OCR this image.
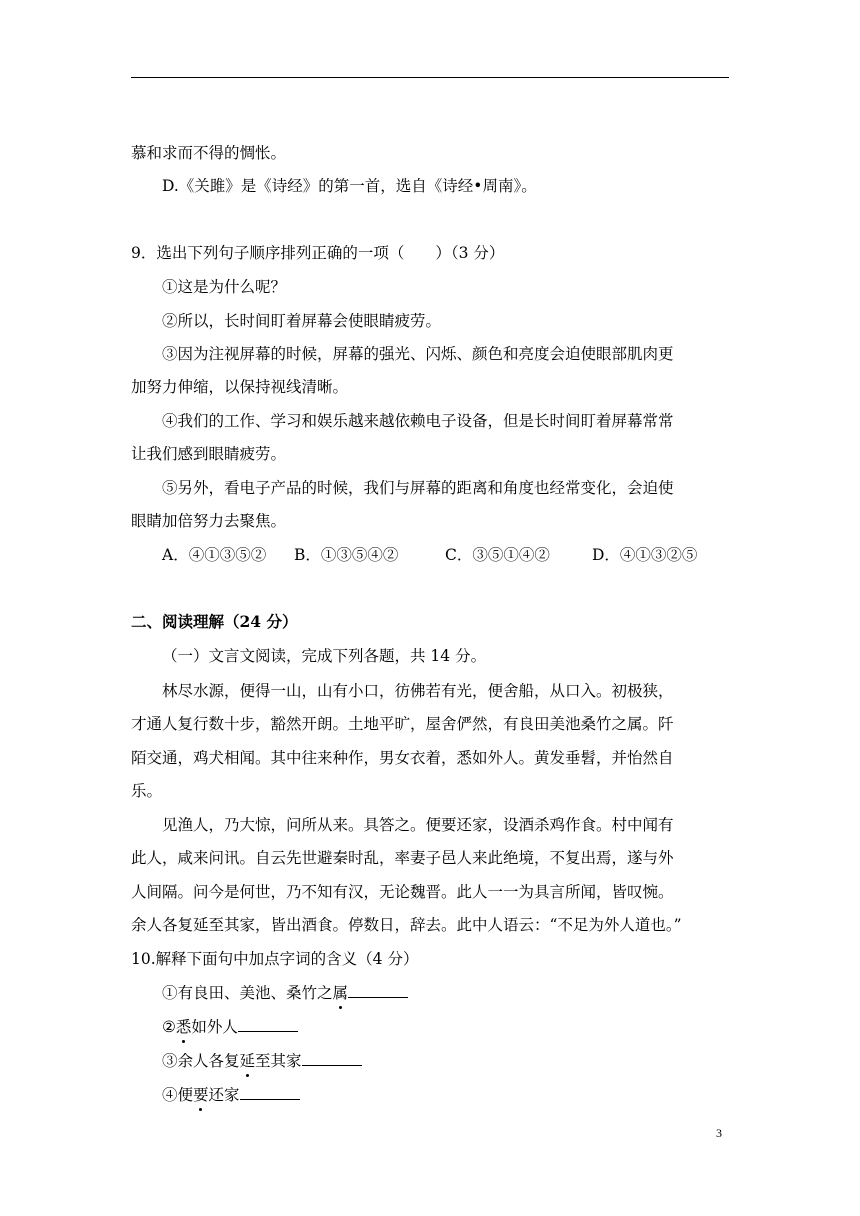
慕和求而不得的惆怅。
D.《关雎》是《诗经》的第一首，选自《诗经•周南》。
9．选出下列句子顺序排列正确的一项（　　）（3 分）
①这是为什么呢？
②所以，长时间盯着屏幕会使眼睛疲劳。
③因为注视屏幕的时候，屏幕的强光、闪烁、颜色和亮度会迫使眼部肌肉更
加努力伸缩，以保持视线清晰。
④我们的工作、学习和娱乐越来越依赖电子设备，但是长时间盯着屏幕常常
让我们感到眼睛疲劳。
⑤另外，看电子产品的时候，我们与屏幕的距离和角度也经常变化，会迫使
眼睛加倍努力去聚焦。
A．④①③⑤② B．①③⑤④②	C．③⑤①④②	D．④①③②⑤
二、阅读理解（24 分）
（一）文言文阅读，完成下列各题，共 14 分。
林尽水源，便得一山，山有小口，彷佛若有光，便舍船，从口入。初极狭，
才通人复行数十步，豁然开朗。土地平旷，屋舍俨然，有良田美池桑竹之属。阡
陌交通，鸡犬相闻。其中往来种作，男女衣着，悉如外人。黄发垂髫，并怡然自
乐。
见渔人，乃大惊，问所从来。具答之。便要还家，设酒杀鸡作食。村中闻有
此人，咸来问讯。自云先世避秦时乱，率妻子邑人来此绝境，不复出焉，遂与外
人间隔。问今是何世，乃不知有汉，无论魏晋。此人一一为具言所闻，皆叹惋。
余人各复延至其家，皆出酒食。停数日，辞去。此中人语云：“不足为外人道也。”
10.解释下面句中加点字词的含义（4 分）
①有良田、美池、桑竹之属
②悉如外人
③余人各复延至其家
④便要还家
3
